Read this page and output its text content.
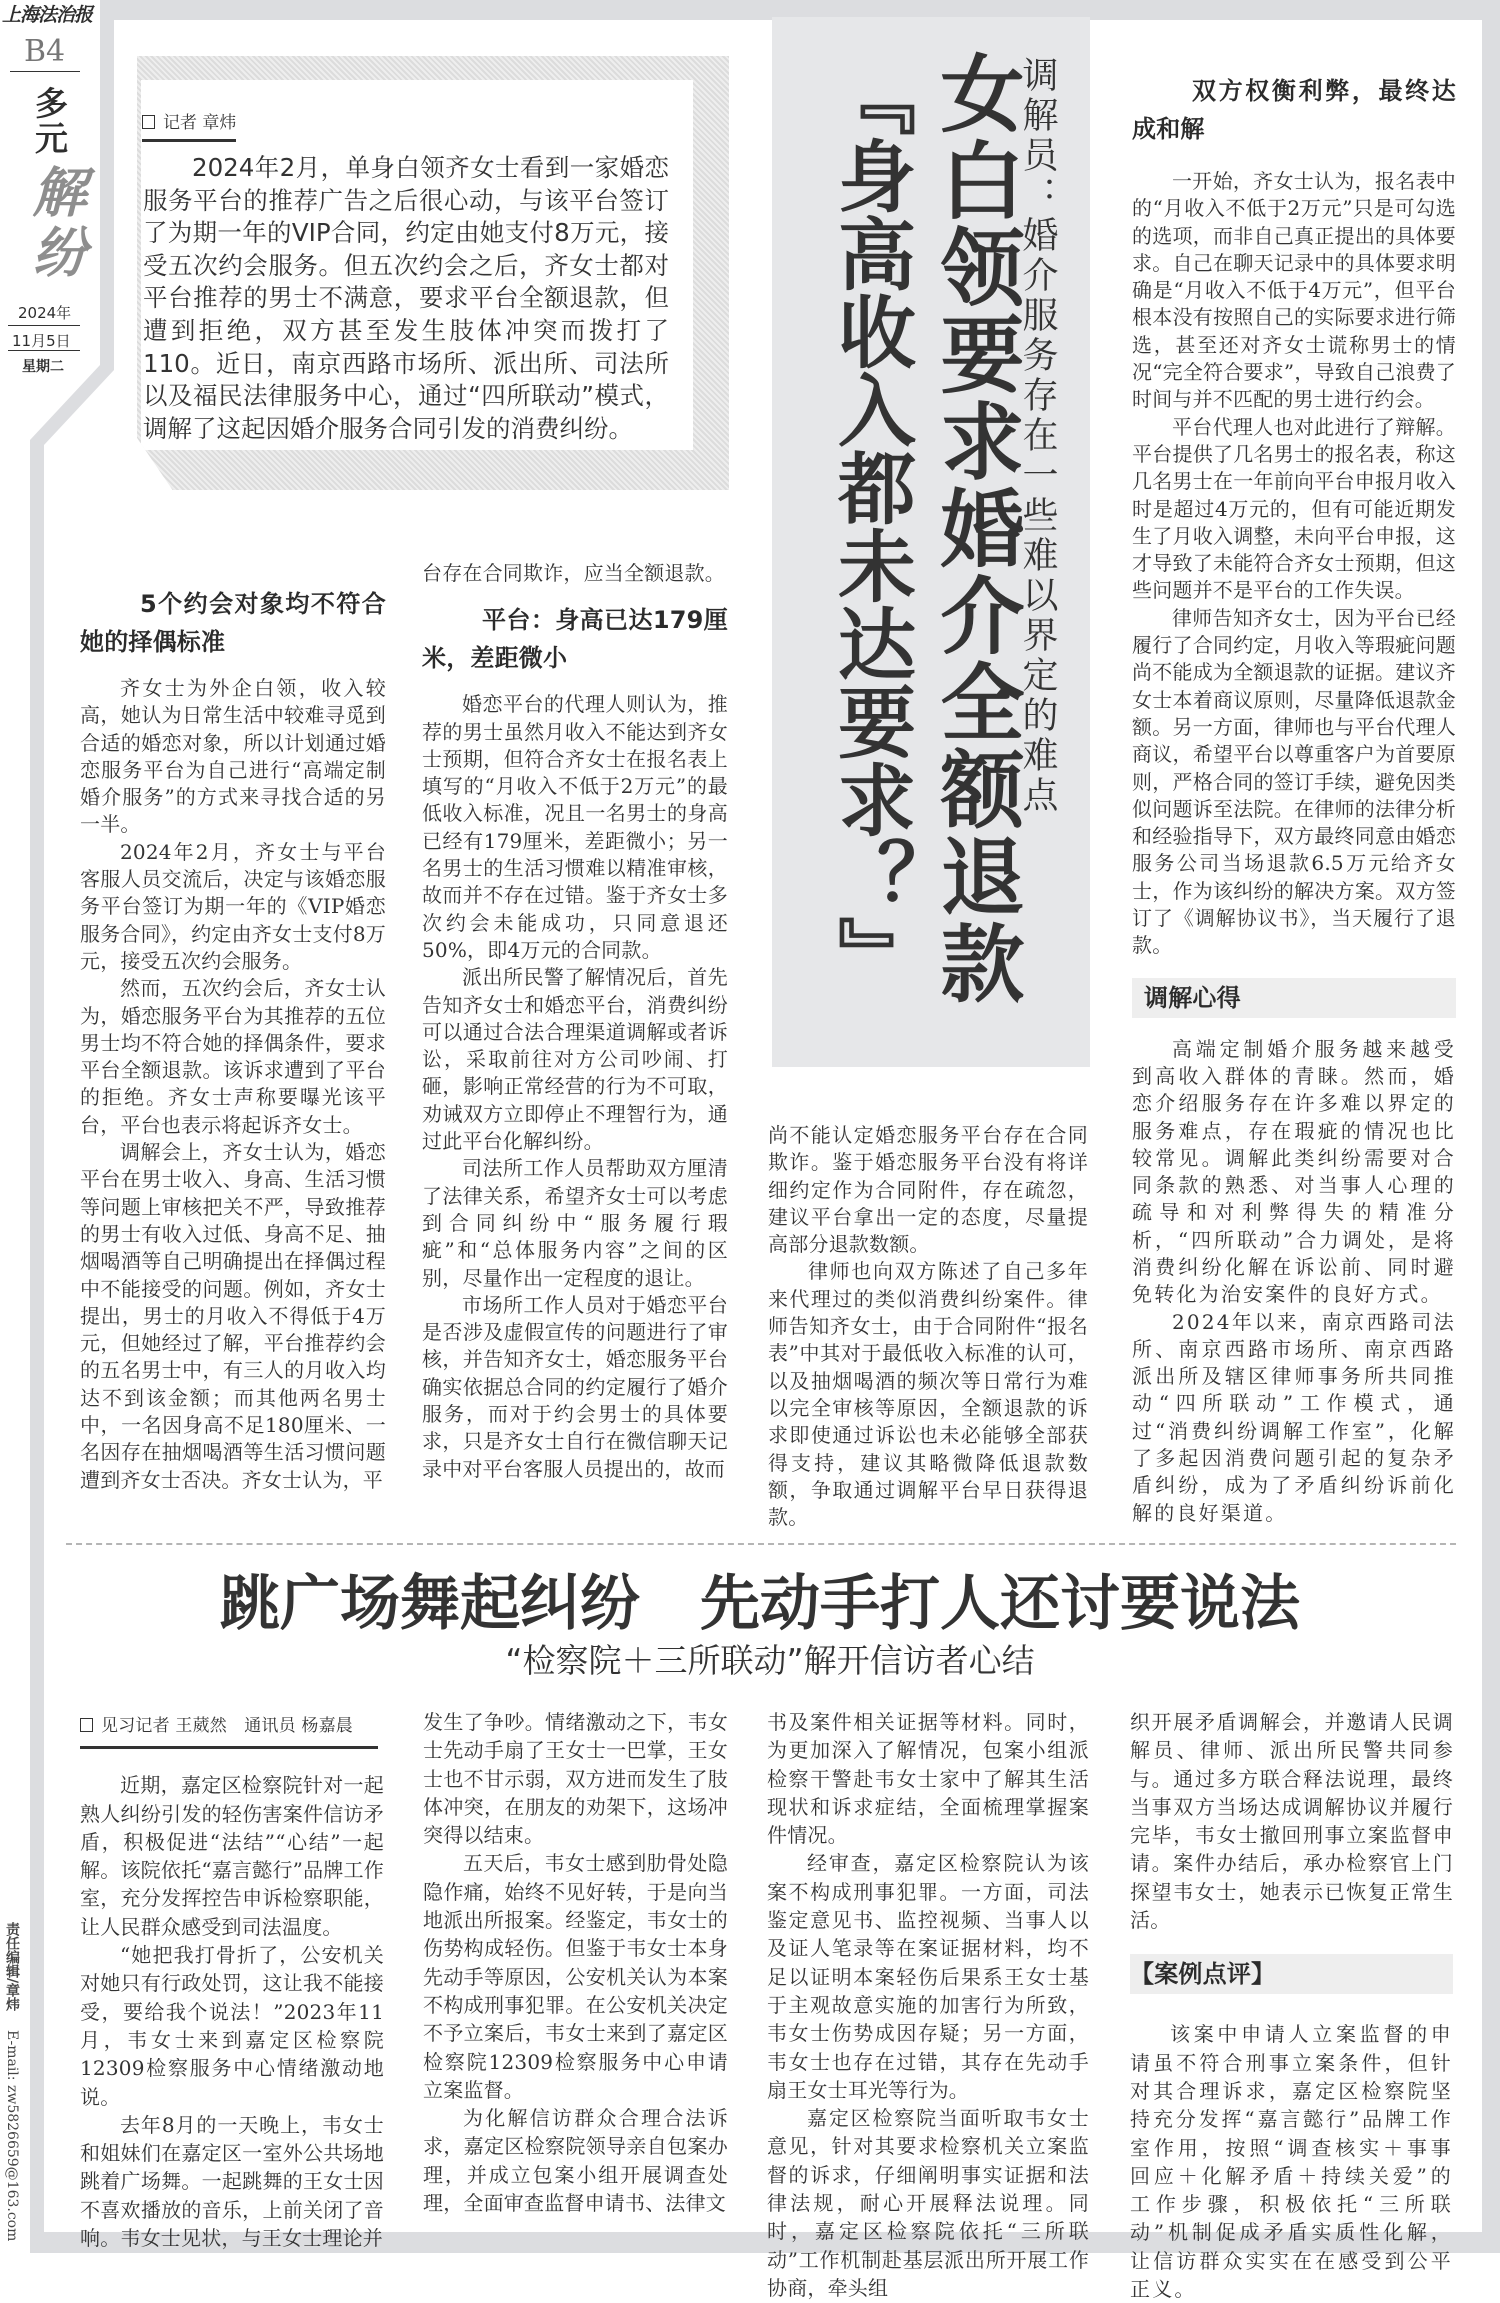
上海法治报
B4
多元
解纷
2024年
11月5日
星期二
责任编辑/章炜 E-mail: zw5826659@163.com
记者 章炜
2024年2月，单身白领齐女士看到一家婚恋服务平台的推荐广告之后很心动，与该平台签订了为期一年的VIP合同，约定由她支付8万元，接受五次约会服务。但五次约会之后，齐女士都对平台推荐的男士不满意，要求平台全额退款，但遭到拒绝，双方甚至发生肢体冲突而拨打了110。近日，南京西路市场所、派出所、司法所以及福民法律服务中心，通过“四所联动”模式，调解了这起因婚介服务合同引发的消费纠纷。	调解员：婚介服务存在一些难以界定的难点
女白领要求婚介全额退款
『身高收入都未达要求？』
5个约会对象均不符合她的择偶标准

齐女士为外企白领，收入较高，她认为日常生活中较难寻觅到合适的婚恋对象，所以计划通过婚恋服务平台为自己进行“高端定制婚介服务”的方式来寻找合适的另一半。

2024年2月，齐女士与平台客服人员交流后，决定与该婚恋服务平台签订为期一年的《VIP婚恋服务合同》，约定由齐女士支付8万元，接受五次约会服务。

然而，五次约会后，齐女士认为，婚恋服务平台为其推荐的五位男士均不符合她的择偶条件，要求平台全额退款。该诉求遭到了平台的拒绝。齐女士声称要曝光该平台，平台也表示将起诉齐女士。

调解会上，齐女士认为，婚恋平台在男士收入、身高、生活习惯等问题上审核把关不严，导致推荐的男士有收入过低、身高不足、抽烟喝酒等自己明确提出在择偶过程中不能接受的问题。例如，齐女士提出，男士的月收入不得低于4万元，但她经过了解，平台推荐约会的五名男士中，有三人的月收入均达不到该金额；而其他两名男士中，一名因身高不足180厘米、一名因存在抽烟喝酒等生活习惯问题遭到齐女士否决。齐女士认为，平

台存在合同欺诈，应当全额退款。

平台：身高已达179厘米，差距微小

婚恋平台的代理人则认为，推荐的男士虽然月收入不能达到齐女士预期，但符合齐女士在报名表上填写的“月收入不低于2万元”的最低收入标准，况且一名男士的身高已经有179厘米，差距微小；另一名男士的生活习惯难以精准审核，故而并不存在过错。鉴于齐女士多次约会未能成功，只同意退还50%，即4万元的合同款。

派出所民警了解情况后，首先告知齐女士和婚恋平台，消费纠纷可以通过合法合理渠道调解或者诉讼，采取前往对方公司吵闹、打砸，影响正常经营的行为不可取，劝诫双方立即停止不理智行为，通过此平台化解纠纷。

司法所工作人员帮助双方厘清了法律关系，希望齐女士可以考虑到合同纠纷中“服务履行瑕疵”和“总体服务内容”之间的区别，尽量作出一定程度的退让。

市场所工作人员对于婚恋平台是否涉及虚假宣传的问题进行了审核，并告知齐女士，婚恋服务平台确实依据总合同的约定履行了婚介服务，而对于约会男士的具体要求，只是齐女士自行在微信聊天记录中对平台客服人员提出的，故而

尚不能认定婚恋服务平台存在合同欺诈。鉴于婚恋服务平台没有将详细约定作为合同附件，存在疏忽，建议平台拿出一定的态度，尽量提高部分退款数额。

律师也向双方陈述了自己多年来代理过的类似消费纠纷案件。律师告知齐女士，由于合同附件“报名表”中其对于最低收入标准的认可，以及抽烟喝酒的频次等日常行为难以完全审核等原因，全额退款的诉求即使通过诉讼也未必能够全部获得支持，建议其略微降低退款数额，争取通过调解平台早日获得退款。

双方权衡利弊，最终达成和解

一开始，齐女士认为，报名表中的“月收入不低于2万元”只是可勾选的选项，而非自己真正提出的具体要求。自己在聊天记录中的具体要求明确是“月收入不低于4万元”，但平台根本没有按照自己的实际要求进行筛选，甚至还对齐女士谎称男士的情况“完全符合要求”，导致自己浪费了时间与并不匹配的男士进行约会。

平台代理人也对此进行了辩解。平台提供了几名男士的报名表，称这几名男士在一年前向平台申报月收入时是超过4万元的，但有可能近期发生了月收入调整，未向平台申报，这才导致了未能符合齐女士预期，但这些问题并不是平台的工作失误。

律师告知齐女士，因为平台已经履行了合同约定，月收入等瑕疵问题尚不能成为全额退款的证据。建议齐女士本着商议原则，尽量降低退款金额。另一方面，律师也与平台代理人商议，希望平台以尊重客户为首要原则，严格合同的签订手续，避免因类似问题诉至法院。在律师的法律分析和经验指导下，双方最终同意由婚恋服务公司当场退款6.5万元给齐女士，作为该纠纷的解决方案。双方签订了《调解协议书》，当天履行了退款。

调解心得

高端定制婚介服务越来越受到高收入群体的青睐。然而，婚恋介绍服务存在许多难以界定的服务难点，存在瑕疵的情况也比较常见。调解此类纠纷需要对合同条款的熟悉、对当事人心理的疏导和对利弊得失的精准分析，“四所联动”合力调处，是将消费纠纷化解在诉讼前、同时避免转化为治安案件的良好方式。

2024年以来，南京西路司法所、南京西路市场所、南京西路派出所及辖区律师事务所共同推动“四所联动”工作模式，通过“消费纠纷调解工作室”，化解了多起因消费问题引起的复杂矛盾纠纷，成为了矛盾纠纷诉前化解的良好渠道。

跳广场舞起纠纷　先动手打人还讨要说法
“检察院＋三所联动”解开信访者心结
见习记者 王葳然　通讯员 杨嘉晨

近期，嘉定区检察院针对一起熟人纠纷引发的轻伤害案件信访矛盾，积极促进“法结”“心结”一起解。该院依托“嘉言懿行”品牌工作室，充分发挥控告申诉检察职能，让人民群众感受到司法温度。

“她把我打骨折了，公安机关对她只有行政处罚，这让我不能接受，要给我个说法！”2023年11月，韦女士来到嘉定区检察院12309检察服务中心情绪激动地说。

去年8月的一天晚上，韦女士和姐妹们在嘉定区一室外公共场地跳着广场舞。一起跳舞的王女士因不喜欢播放的音乐，上前关闭了音响。韦女士见状，与王女士理论并

发生了争吵。情绪激动之下，韦女士先动手扇了王女士一巴掌，王女士也不甘示弱，双方进而发生了肢体冲突，在朋友的劝架下，这场冲突得以结束。

五天后，韦女士感到肋骨处隐隐作痛，始终不见好转，于是向当地派出所报案。经鉴定，韦女士的伤势构成轻伤。但鉴于韦女士本身先动手等原因，公安机关认为本案不构成刑事犯罪。在公安机关决定不予立案后，韦女士来到了嘉定区检察院12309检察服务中心申请立案监督。

为化解信访群众合理合法诉求，嘉定区检察院领导亲自包案办理，并成立包案小组开展调查处理，全面审查监督申请书、法律文

书及案件相关证据等材料。同时，为更加深入了解情况，包案小组派检察干警赴韦女士家中了解其生活现状和诉求症结，全面梳理掌握案件情况。

经审查，嘉定区检察院认为该案不构成刑事犯罪。一方面，司法鉴定意见书、监控视频、当事人以及证人笔录等在案证据材料，均不足以证明本案轻伤后果系王女士基于主观故意实施的加害行为所致，韦女士伤势成因存疑；另一方面，韦女士也存在过错，其存在先动手扇王女士耳光等行为。

嘉定区检察院当面听取韦女士意见，针对其要求检察机关立案监督的诉求，仔细阐明事实证据和法律法规，耐心开展释法说理。同时，嘉定区检察院依托“三所联动”工作机制赴基层派出所开展工作协商，牵头组

织开展矛盾调解会，并邀请人民调解员、律师、派出所民警共同参与。通过多方联合释法说理，最终当事双方当场达成调解协议并履行完毕，韦女士撤回刑事立案监督申请。案件办结后，承办检察官上门探望韦女士，她表示已恢复正常生活。

【案例点评】

该案中申请人立案监督的申请虽不符合刑事立案条件，但针对其合理诉求，嘉定区检察院坚持充分发挥“嘉言懿行”品牌工作室作用，按照“调查核实＋事事回应＋化解矛盾＋持续关爱”的工作步骤，积极依托“三所联动”机制促成矛盾实质性化解，让信访群众实实在在感受到公平正义。
